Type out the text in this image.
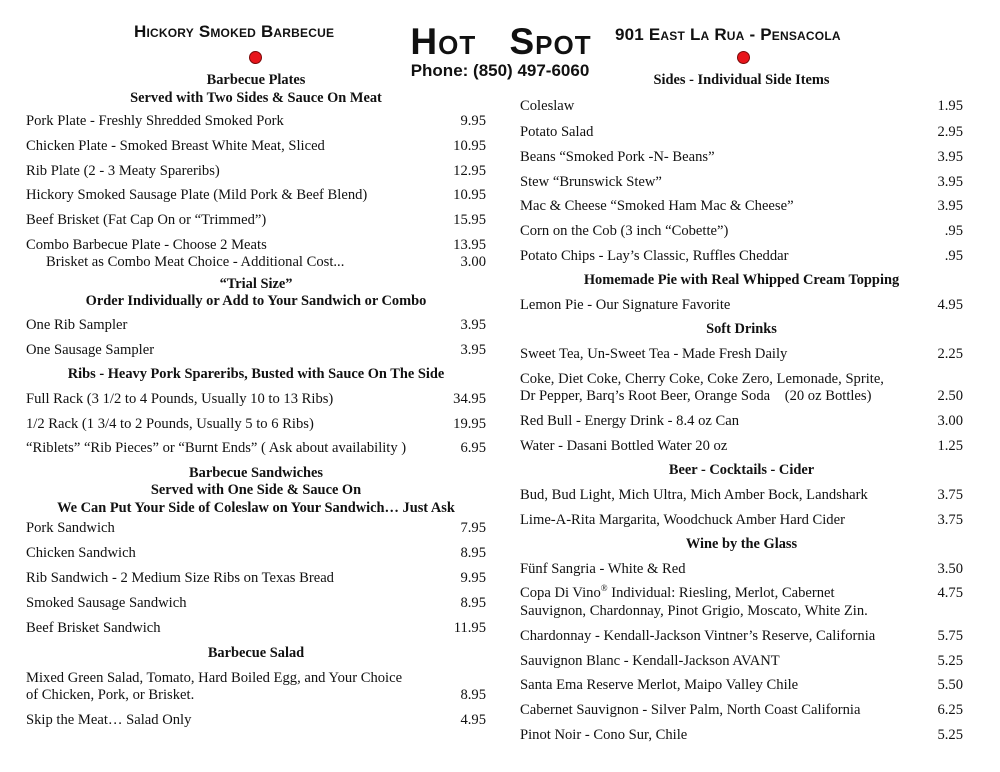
Hickory Smoked Barbecue	Hot Spot
Phone: (850) 497-6060
901 East La Rua - Pensacola
Barbecue Plates
Served with Two Sides & Sauce On Meat
Pork Plate - Freshly Shredded Smoked Pork	9.95
Chicken Plate - Smoked Breast White Meat, Sliced	10.95
Rib Plate (2 - 3 Meaty Spareribs)	12.95
Hickory Smoked Sausage Plate (Mild Pork & Beef Blend)	10.95
Beef Brisket (Fat Cap On or “Trimmed”)	15.95
Combo Barbecue Plate - Choose 2 Meats	13.95
Brisket as Combo Meat Choice - Additional Cost...	3.00
“Trial Size”
Order Individually or Add to Your Sandwich or Combo
One Rib Sampler	3.95
One Sausage Sampler	3.95
Ribs - Heavy Pork Spareribs, Busted with Sauce On The Side
Full Rack (3 1/2 to 4 Pounds, Usually 10 to 13 Ribs)	34.95
1/2 Rack (1 3/4 to 2 Pounds, Usually 5 to 6 Ribs)	19.95
“Riblets” “Rib Pieces” or “Burnt Ends” ( Ask about availability )	6.95
Barbecue Sandwiches
Served with One Side & Sauce On
We Can Put Your Side of Coleslaw on Your Sandwich… Just Ask
Pork Sandwich	7.95
Chicken Sandwich	8.95
Rib Sandwich - 2 Medium Size Ribs on Texas Bread	9.95
Smoked Sausage Sandwich	8.95
Beef Brisket Sandwich	11.95
Barbecue Salad
Mixed Green Salad, Tomato, Hard Boiled Egg, and Your Choice
of Chicken, Pork, or Brisket.	8.95
Skip the Meat… Salad Only	4.95
Sides - Individual Side Items
Coleslaw	1.95
Potato Salad	2.95
Beans “Smoked Pork -N- Beans”	3.95
Stew “Brunswick Stew”	3.95
Mac & Cheese “Smoked Ham Mac & Cheese”	3.95
Corn on the Cob (3 inch “Cobette”)	.95
Potato Chips - Lay’s Classic, Ruffles Cheddar	.95
Homemade Pie with Real Whipped Cream Topping
Lemon Pie - Our Signature Favorite	4.95
Soft Drinks
Sweet Tea, Un-Sweet Tea - Made Fresh Daily	2.25
Coke, Diet Coke, Cherry Coke, Coke Zero, Lemonade, Sprite,
Dr Pepper, Barq’s Root Beer, Orange Soda    (20 oz Bottles)	2.50
Red Bull - Energy Drink - 8.4 oz Can	3.00
Water - Dasani Bottled Water 20 oz	1.25
Beer - Cocktails - Cider
Bud, Bud Light, Mich Ultra, Mich Amber Bock, Landshark	3.75
Lime-A-Rita Margarita, Woodchuck Amber Hard Cider	3.75
Wine by the Glass
Fünf Sangria - White & Red	3.50
Copa Di Vino® Individual: Riesling, Merlot, Cabernet
Sauvignon, Chardonnay, Pinot Grigio, Moscato, White Zin.
4.75
Chardonnay - Kendall-Jackson Vintner’s Reserve, California	5.75
Sauvignon Blanc - Kendall-Jackson AVANT	5.25
Santa Ema Reserve Merlot, Maipo Valley Chile	5.50
Cabernet Sauvignon - Silver Palm, North Coast California	6.25
Pinot Noir - Cono Sur, Chile	5.25
